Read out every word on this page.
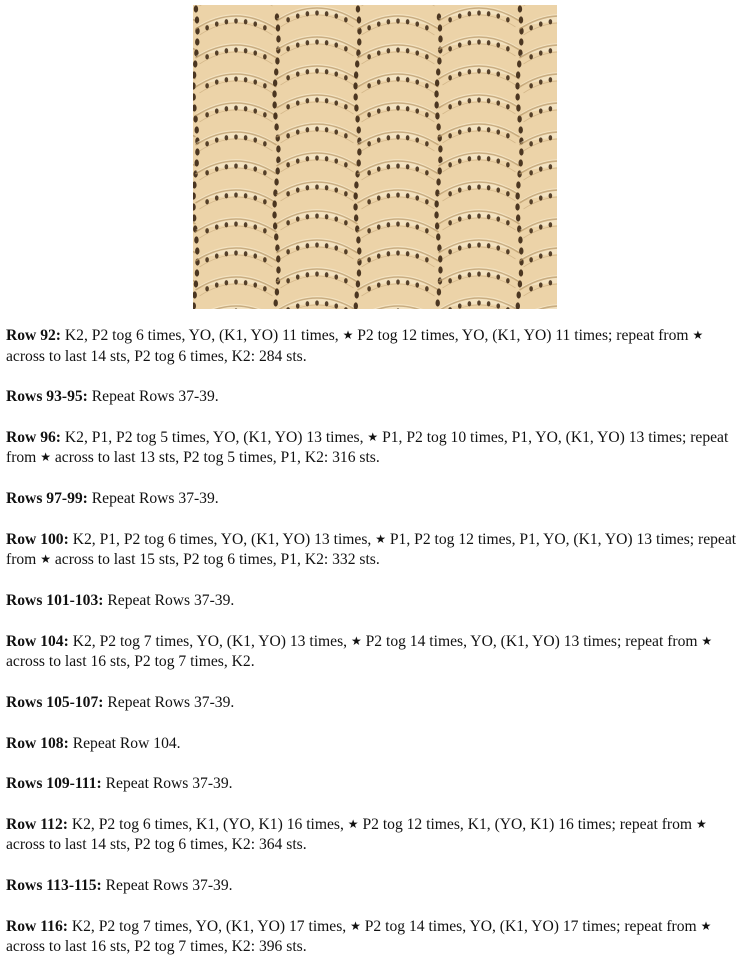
Row 92: K2, P2 tog 6 times, YO, (K1, YO) 11 times, ★ P2 tog 12 times, YO, (K1, YO) 11 times; repeat from ★ across to last 14 sts, P2 tog 6 times, K2: 284 sts.

Rows 93-95: Repeat Rows 37-39.

Row 96: K2, P1, P2 tog 5 times, YO, (K1, YO) 13 times, ★ P1, P2 tog 10 times, P1, YO, (K1, YO) 13 times; repeat from ★ across to last 13 sts, P2 tog 5 times, P1, K2: 316 sts.

Rows 97-99: Repeat Rows 37-39.

Row 100: K2, P1, P2 tog 6 times, YO, (K1, YO) 13 times, ★ P1, P2 tog 12 times, P1, YO, (K1, YO) 13 times; repeat from ★ across to last 15 sts, P2 tog 6 times, P1, K2: 332 sts.

Rows 101-103: Repeat Rows 37-39.

Row 104: K2, P2 tog 7 times, YO, (K1, YO) 13 times, ★ P2 tog 14 times, YO, (K1, YO) 13 times; repeat from ★ across to last 16 sts, P2 tog 7 times, K2.

Rows 105-107: Repeat Rows 37-39.

Row 108: Repeat Row 104.

Rows 109-111: Repeat Rows 37-39.

Row 112: K2, P2 tog 6 times, K1, (YO, K1) 16 times, ★ P2 tog 12 times, K1, (YO, K1) 16 times; repeat from ★ across to last 14 sts, P2 tog 6 times, K2: 364 sts.

Rows 113-115: Repeat Rows 37-39.

Row 116: K2, P2 tog 7 times, YO, (K1, YO) 17 times, ★ P2 tog 14 times, YO, (K1, YO) 17 times; repeat from ★ across to last 16 sts, P2 tog 7 times, K2: 396 sts.
